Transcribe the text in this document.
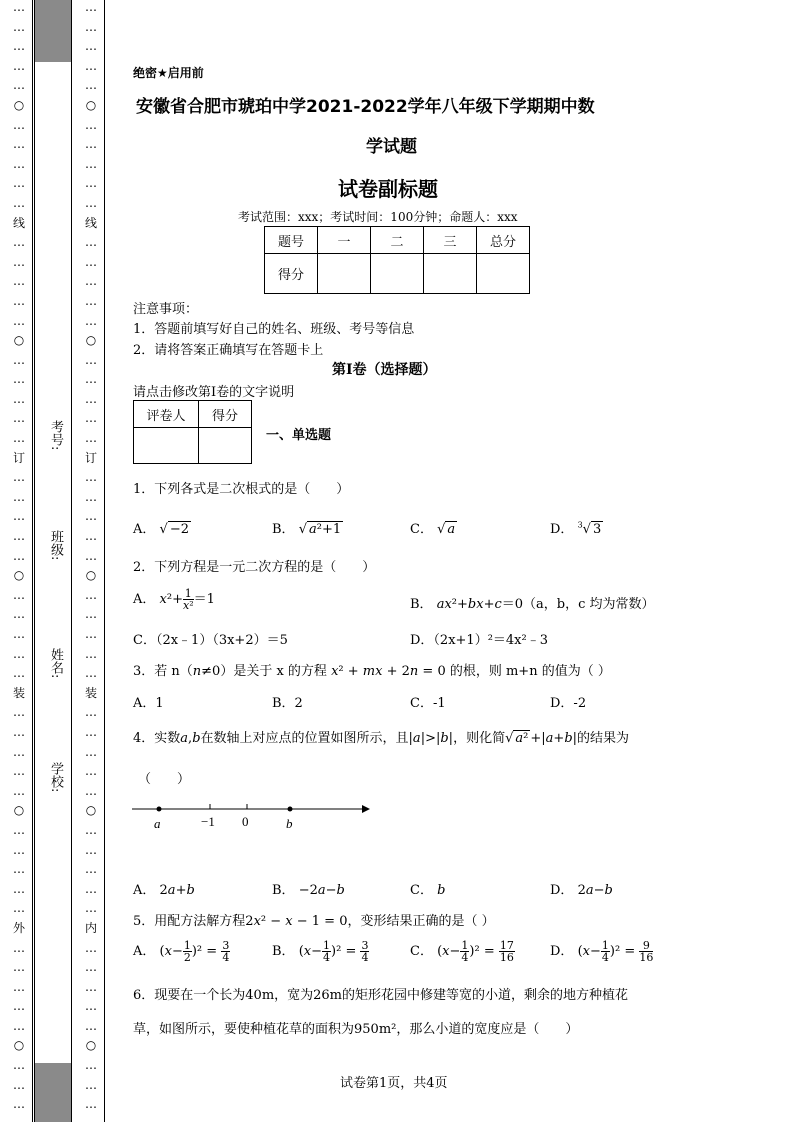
…
…
…
…
…
○
…
…
…
…
…
线
…
…
…
…
…
○
…
…
…
…
…
订
…
…
…
…
…
○
…
…
…
…
…
装
…
…
…
…
…
○
…
…
…
…
…
外
…
…
…
…
…
○
…
…
…
…
…
…
…
…
○
…
…
…
…
…
线
…
…
…
…
…
○
…
…
…
…
…
订
…
…
…
…
…
○
…
…
…
…
…
装
…
…
…
…
…
○
…
…
…
…
…
内
…
…
…
…
…
○
…
…
…
考号:
班级:
姓名:
学校:
绝密★启用前
安徽省合肥市琥珀中学2021-2022学年八年级下学期期中数
学试题
试卷副标题
考试范围：xxx；考试时间：100分钟；命题人：xxx
题号	一	二	三	总分
得分				
注意事项：
1．答题前填写好自己的姓名、班级、考号等信息
2．请将答案正确填写在答题卡上
第I卷（选择题）
请点击修改第I卷的文字说明
评卷人	得分

一、单选题
1．下列各式是二次根式的是（　　）
A． √ −2	B． √ a²+1	C． √ a	D． $^3$√ 3
2．下列方程是一元二次方程的是（　　）
A． $x^2+ \frac{1}{\text{x²}} =1$	B． ax²+bx+c＝0（a，b，c 均为常数）
C．（2x﹣1）（3x+2）＝5	D．（2x+1）²＝4x²﹣3
3．若 n（n≠0）是关于 x 的方程 x² + mx + 2n = 0 的根，则 m+n 的值为（ ）
A．1	B．2	C．-1	D．-2
4．实数a,b在数轴上对应点的位置如图所示，且|a|>|b|，则化简√ a² +|a+b|的结果为
（　　）
a	−1 0	b
A． 2a+b	B． −2a−b	C． b	D． 2a−b
5．用配方法解方程2x² − x − 1 = 0，变形结果正确的是（ ）
A． $(x- \frac{1}{2} )^2 = \frac{3}{4}$	B． $(x- \frac{1}{4} )^2 = \frac{3}{4}$	C． $(x- \frac{1}{4} )^2 = \frac{17}{16}$	D． $(x- \frac{1}{4} )^2 = \frac{9}{16}$
6．现要在一个长为40m，宽为26m的矩形花园中修建等宽的小道，剩余的地方种植花
草，如图所示，要使种植花草的面积为950m²，那么小道的宽度应是（　　）
试卷第1页，共4页
